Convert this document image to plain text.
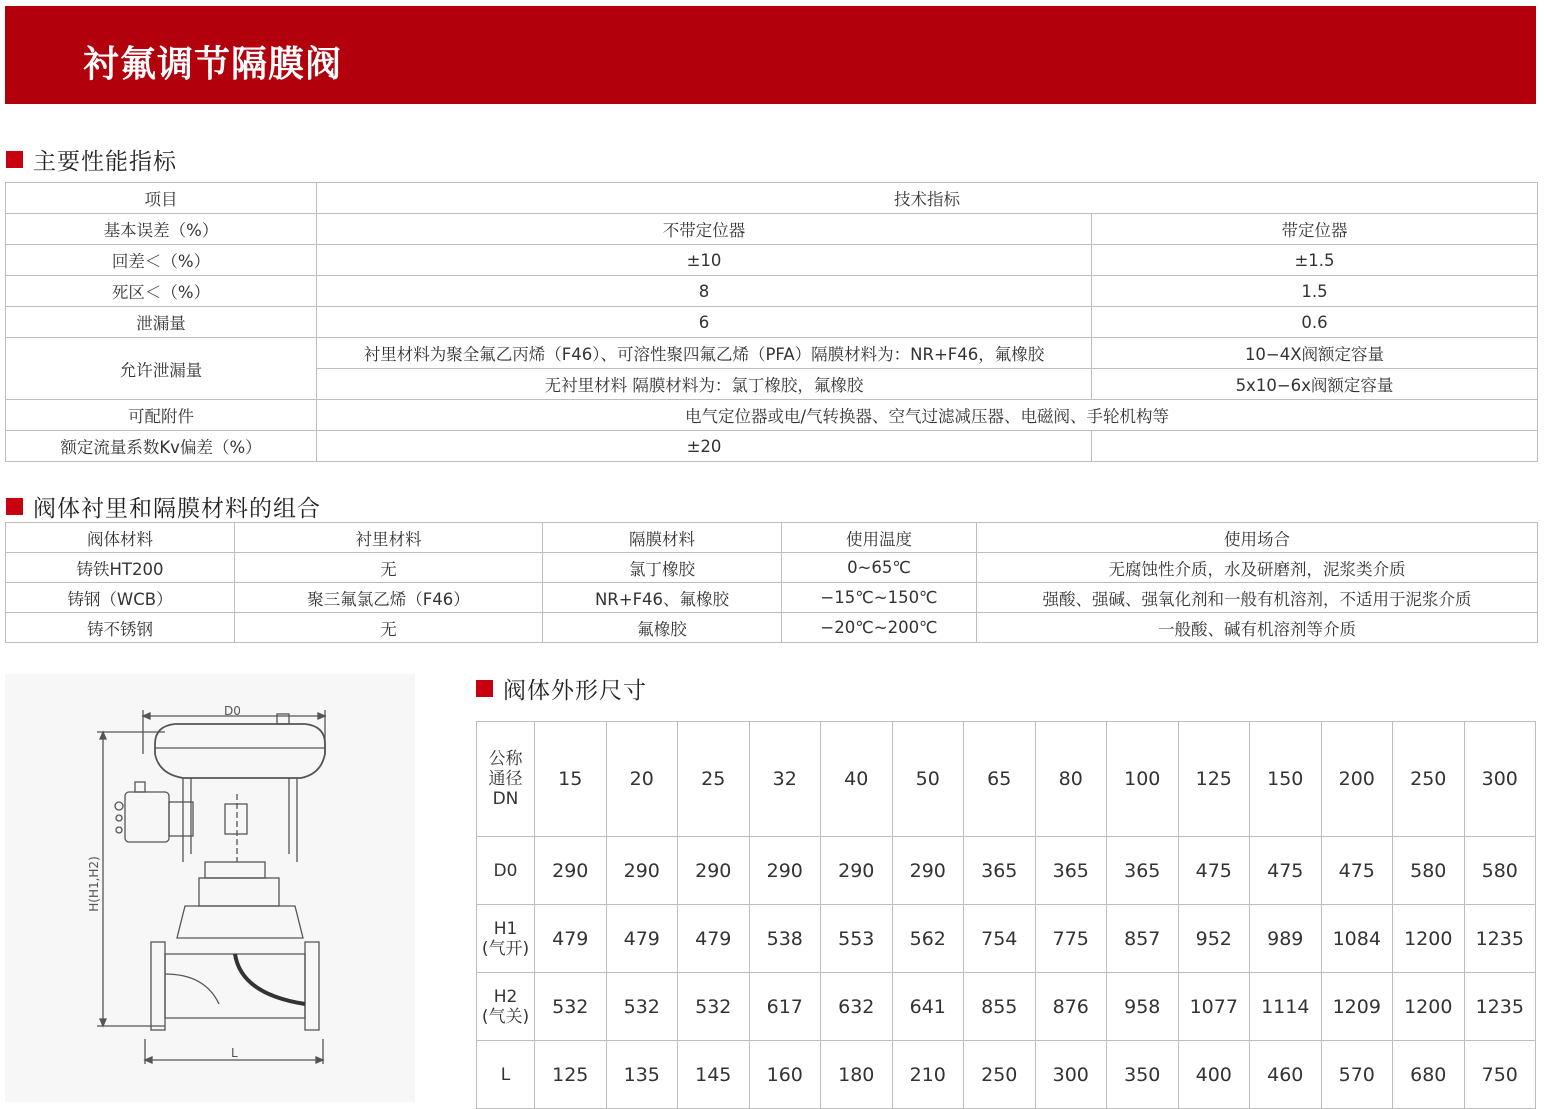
衬氟调节隔膜阀
主要性能指标
项目	技术指标	
基本误差（%）	不带定位器	带定位器
回差＜（%）	±10	±1.5
死区＜（%）	8	1.5
泄漏量	6	0.6
允许泄漏量	衬里材料为聚全氟乙丙烯（F46）、可溶性聚四氟乙烯（PFA）隔膜材料为：NR+F46，氟橡胶	10−4X阀额定容量
	无衬里材料 隔膜材料为：氯丁橡胶，氟橡胶	5x10−6x阀额定容量
可配附件	电气定位器或电/气转换器、空气过滤减压器、电磁阀、手轮机构等	
额定流量系数Kv偏差（%）	±20	
阀体衬里和隔膜材料的组合
阀体材料	衬里材料	隔膜材料	使用温度	使用场合
铸铁HT200	无	氯丁橡胶	0~65℃	无腐蚀性介质，水及研磨剂，泥浆类介质
铸钢（WCB）	聚三氟氯乙烯（F46）	NR+F46、氟橡胶	−15℃~150℃	强酸、强碱、强氧化剂和一般有机溶剂，不适用于泥浆介质
铸不锈钢	无	氟橡胶	−20℃~200℃	一般酸、碱有机溶剂等介质
D0
H(H1,H2)
L
阀体外形尺寸
公称
通径
DN	15	20	25	32	40	50	65	80	100	125	150	200	250	300

D0	290	290	290	290	290	290	365	365	365	475	475	475	580	580

H1
(气开)	479	479	479	538	553	562	754	775	857	952	989	1084	1200	1235

H2
(气关)	532	532	532	617	632	641	855	876	958	1077	1114	1209	1200	1235

L	125	135	145	160	180	210	250	300	350	400	460	570	680	750
